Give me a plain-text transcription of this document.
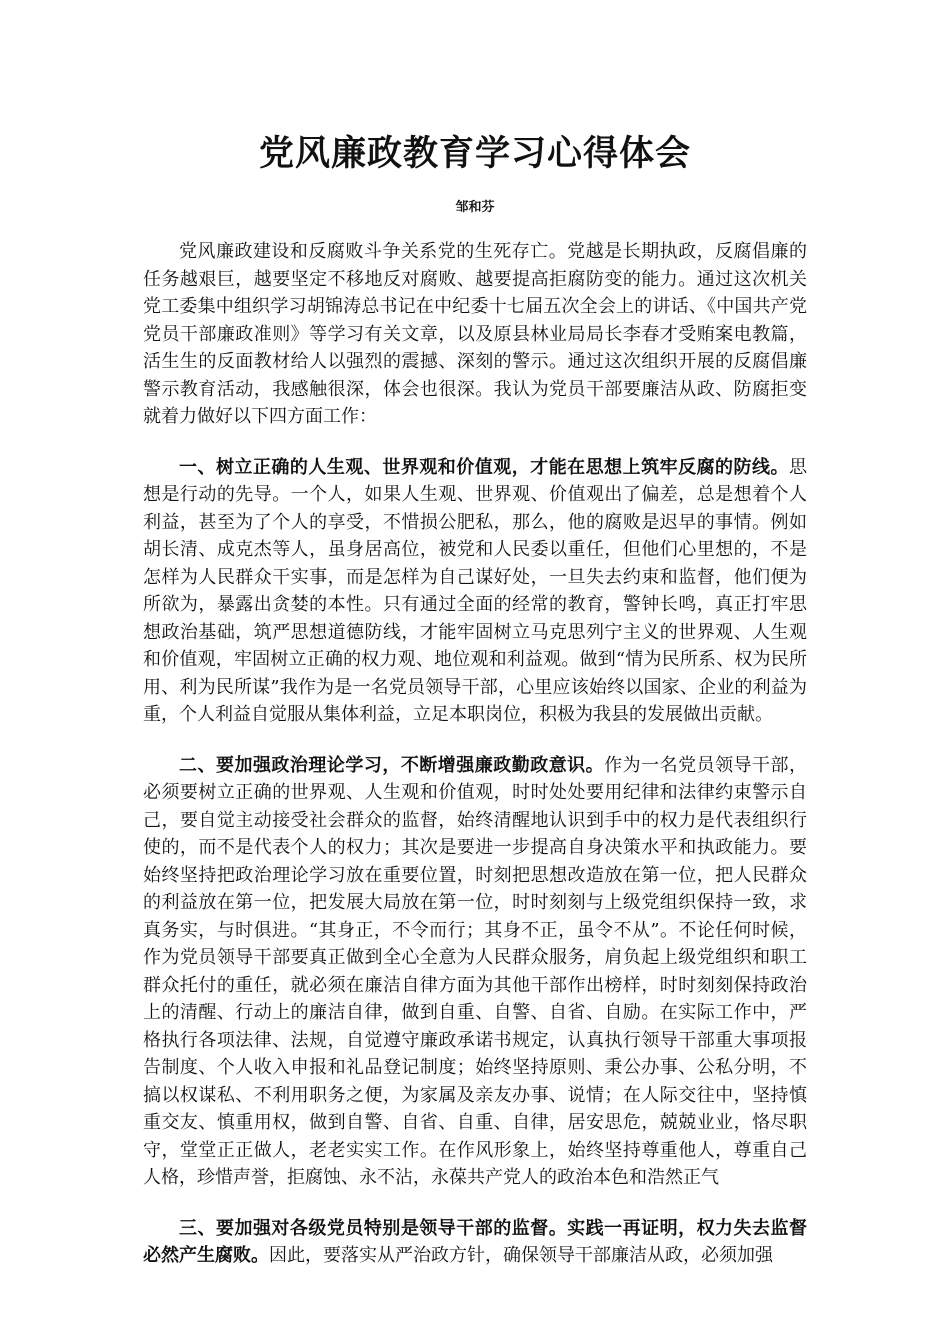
党风廉政教育学习心得体会
邹和芬

党风廉政建设和反腐败斗争关系党的生死存亡。党越是长期执政，反腐倡廉的任务越艰巨，越要坚定不移地反对腐败、越要提高拒腐防变的能力。通过这次机关党工委集中组织学习胡锦涛总书记在中纪委十七届五次全会上的讲话、《中国共产党党员干部廉政准则》等学习有关文章，以及原县林业局局长李春才受贿案电教篇，活生生的反面教材给人以强烈的震撼、深刻的警示。通过这次组织开展的反腐倡廉警示教育活动，我感触很深，体会也很深。我认为党员干部要廉洁从政、防腐拒变就着力做好以下四方面工作：

一、树立正确的人生观、世界观和价值观，才能在思想上筑牢反腐的防线。思想是行动的先导。一个人，如果人生观、世界观、价值观出了偏差，总是想着个人利益，甚至为了个人的享受，不惜损公肥私，那么，他的腐败是迟早的事情。例如胡长清、成克杰等人，虽身居高位，被党和人民委以重任，但他们心里想的，不是怎样为人民群众干实事，而是怎样为自己谋好处，一旦失去约束和监督，他们便为所欲为，暴露出贪婪的本性。只有通过全面的经常的教育，警钟长鸣，真正打牢思想政治基础，筑严思想道德防线，才能牢固树立马克思列宁主义的世界观、人生观和价值观，牢固树立正确的权力观、地位观和利益观。做到“情为民所系、权为民所用、利为民所谋”我作为是一名党员领导干部，心里应该始终以国家、企业的利益为重，个人利益自觉服从集体利益，立足本职岗位，积极为我县的发展做出贡献。

二、要加强政治理论学习，不断增强廉政勤政意识。作为一名党员领导干部，必须要树立正确的世界观、人生观和价值观，时时处处要用纪律和法律约束警示自己，要自觉主动接受社会群众的监督，始终清醒地认识到手中的权力是代表组织行使的，而不是代表个人的权力；其次是要进一步提高自身决策水平和执政能力。要始终坚持把政治理论学习放在重要位置，时刻把思想改造放在第一位，把人民群众的利益放在第一位，把发展大局放在第一位，时时刻刻与上级党组织保持一致，求真务实，与时俱进。“其身正，不令而行；其身不正，虽令不从”。不论任何时候，作为党员领导干部要真正做到全心全意为人民群众服务，肩负起上级党组织和职工群众托付的重任，就必须在廉洁自律方面为其他干部作出榜样，时时刻刻保持政治上的清醒、行动上的廉洁自律，做到自重、自警、自省、自励。在实际工作中，严格执行各项法律、法规，自觉遵守廉政承诺书规定，认真执行领导干部重大事项报告制度、个人收入申报和礼品登记制度；始终坚持原则、秉公办事、公私分明，不搞以权谋私、不利用职务之便，为家属及亲友办事、说情；在人际交往中，坚持慎重交友、慎重用权，做到自警、自省、自重、自律，居安思危，兢兢业业，恪尽职守，堂堂正正做人，老老实实工作。在作风形象上，始终坚持尊重他人，尊重自己人格，珍惜声誉，拒腐蚀、永不沾，永葆共产党人的政治本色和浩然正气

三、要加强对各级党员特别是领导干部的监督。实践一再证明，权力失去监督必然产生腐败。因此，要落实从严治政方针，确保领导干部廉洁从政，必须加强
